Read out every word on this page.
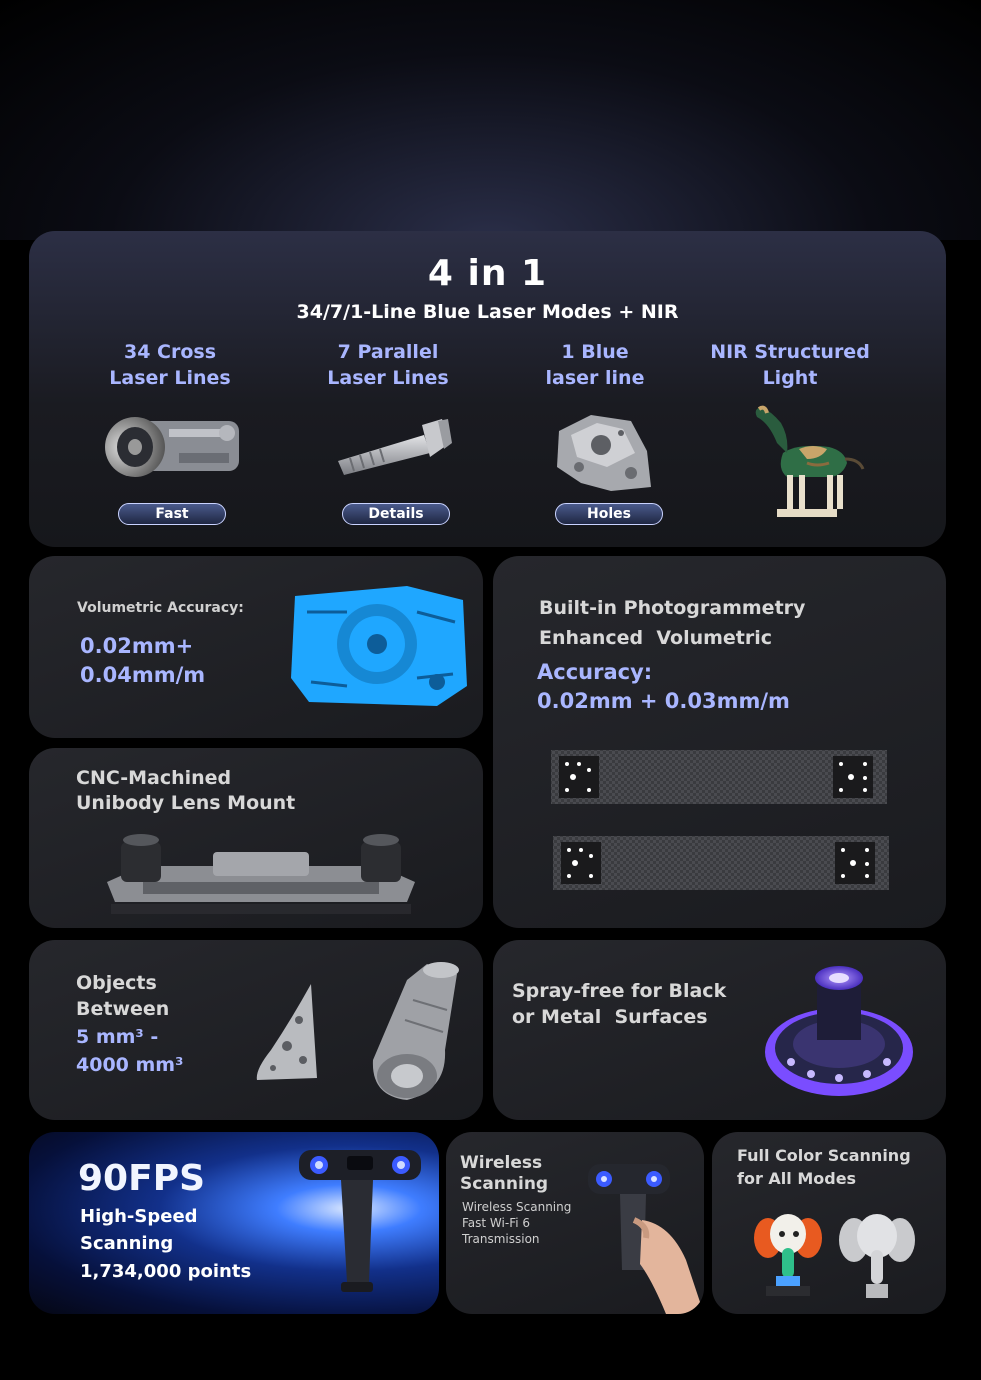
4 in 1
34/7/1-Line Blue Laser Modes + NIR
34 Cross
Laser Lines
7 Parallel
Laser Lines
1 Blue
laser line
NIR Structured
Light
Fast	Details	Holes
Volumetric Accuracy:
0.02mm+
0.04mm/m
CNC-Machined
Unibody Lens Mount
Built-in Photogrammetry
Enhanced  Volumetric
Accuracy:
0.02mm + 0.03mm/m
Objects
Between
5 mm³ -
4000 mm³
Spray-free for Black
or Metal  Surfaces
90FPS
High-Speed
Scanning
1,734,000 points
Wireless
Scanning
Wireless Scanning
Fast Wi-Fi 6
Transmission
Full Color Scanning
for All Modes
